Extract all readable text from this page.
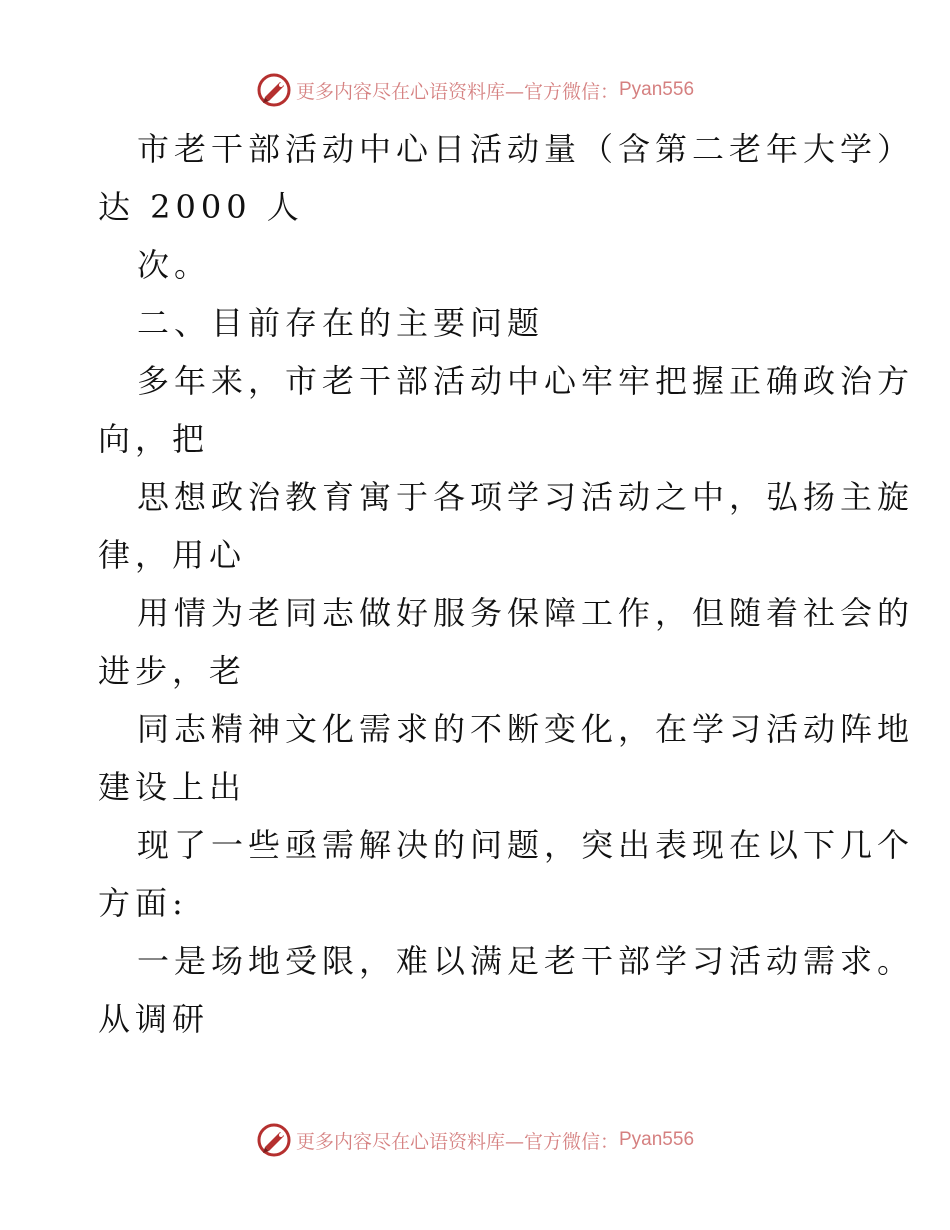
更多内容尽在心语资料库—官方微信： Pyan556
市老干部活动中心日活动量（含第二老年大学）
达 2000 人
次。
二、目前存在的主要问题
多年来，市老干部活动中心牢牢把握正确政治方
向，把
思想政治教育寓于各项学习活动之中，弘扬主旋
律，用心
用情为老同志做好服务保障工作，但随着社会的
进步，老
同志精神文化需求的不断变化，在学习活动阵地
建设上出
现了一些亟需解决的问题，突出表现在以下几个
方面:
一是场地受限，难以满足老干部学习活动需求。
从调研
更多内容尽在心语资料库—官方微信： Pyan556
